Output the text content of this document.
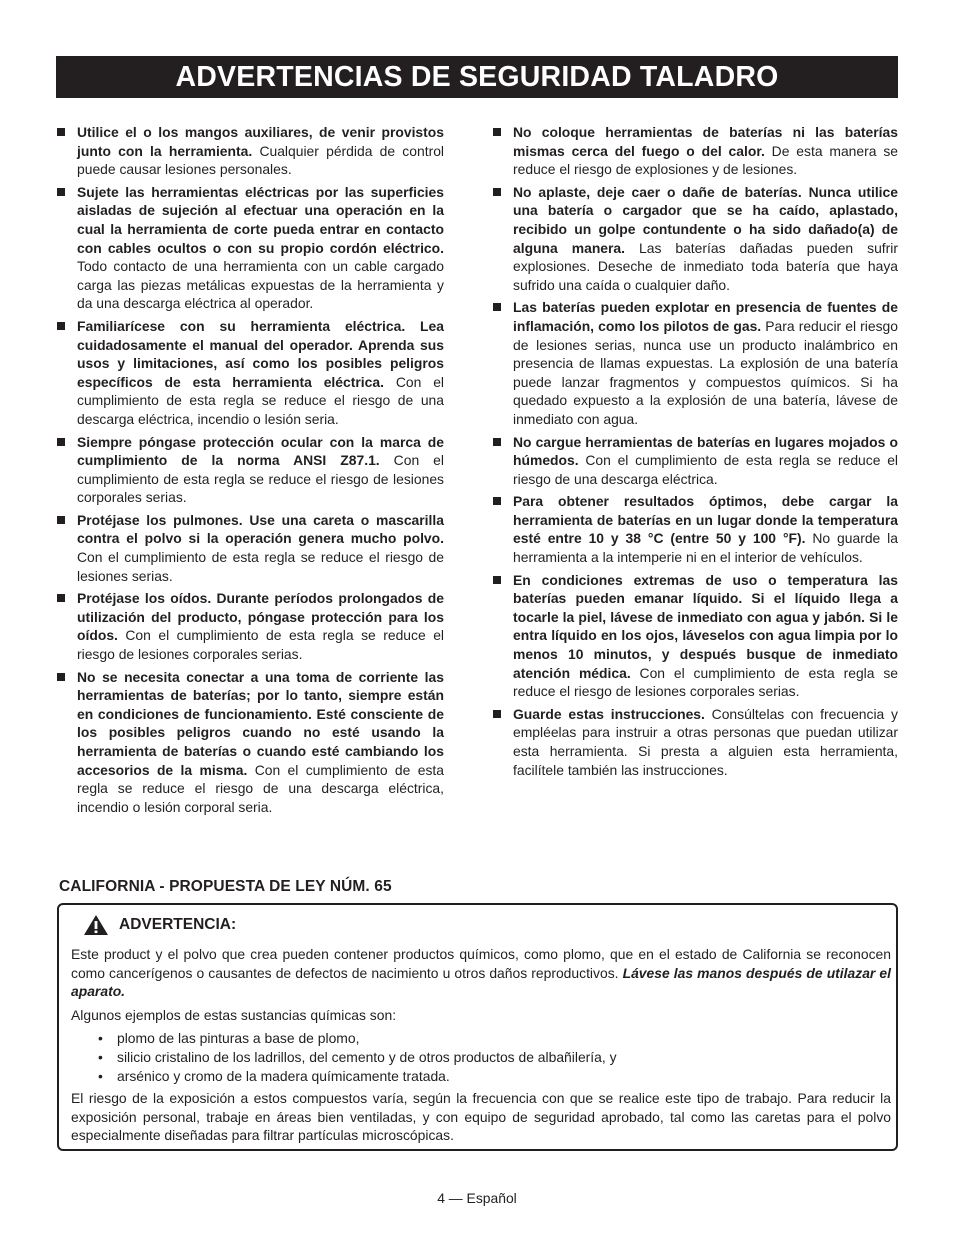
ADVERTENCIAS DE SEGURIDAD TALADRO
Utilice el o los mangos auxiliares, de venir provistos junto con la herramienta. Cualquier pérdida de control puede causar lesiones personales.
Sujete las herramientas eléctricas por las superficies aisladas de sujeción al efectuar una operación en la cual la herramienta de corte pueda entrar en contacto con cables ocultos o con su propio cordón eléctrico. Todo contacto de una herramienta con un cable cargado carga las piezas metálicas expuestas de la herramienta y da una descarga eléctrica al operador.
Familiarícese con su herramienta eléctrica. Lea cuidadosamente el manual del operador. Aprenda sus usos y limitaciones, así como los posibles peligros específicos de esta herramienta eléctrica. Con el cumplimiento de esta regla se reduce el riesgo de una descarga eléctrica, incendio o lesión seria.
Siempre póngase protección ocular con la marca de cumplimiento de la norma ANSI Z87.1. Con el cumplimiento de esta regla se reduce el riesgo de lesiones corporales serias.
Protéjase los pulmones. Use una careta o mascarilla contra el polvo si la operación genera mucho polvo. Con el cumplimiento de esta regla se reduce el riesgo de lesiones serias.
Protéjase los oídos. Durante períodos prolongados de utilización del producto, póngase protección para los oídos. Con el cumplimiento de esta regla se reduce el riesgo de lesiones corporales serias.
No se necesita conectar a una toma de corriente las herramientas de baterías; por lo tanto, siempre están en condiciones de funcionamiento. Esté consciente de los posibles peligros cuando no esté usando la herramienta de baterías o cuando esté cambiando los accesorios de la misma. Con el cumplimiento de esta regla se reduce el riesgo de una descarga eléctrica, incendio o lesión corporal seria.
No coloque herramientas de baterías ni las baterías mismas cerca del fuego o del calor. De esta manera se reduce el riesgo de explosiones y de lesiones.
No aplaste, deje caer o dañe de baterías. Nunca utilice una batería o cargador que se ha caído, aplastado, recibido un golpe contundente o ha sido dañado(a) de alguna manera. Las baterías dañadas pueden sufrir explosiones. Deseche de inmediato toda batería que haya sufrido una caída o cualquier daño.
Las baterías pueden explotar en presencia de fuentes de inflamación, como los pilotos de gas. Para reducir el riesgo de lesiones serias, nunca use un producto inalámbrico en presencia de llamas expuestas. La explosión de una batería puede lanzar fragmentos y compuestos químicos. Si ha quedado expuesto a la explosión de una batería, lávese de inmediato con agua.
No cargue herramientas de baterías en lugares mojados o húmedos. Con el cumplimiento de esta regla se reduce el riesgo de una descarga eléctrica.
Para obtener resultados óptimos, debe cargar la herramienta de baterías en un lugar donde la temperatura esté entre 10 y 38 °C (entre 50 y 100 °F). No guarde la herramienta a la intemperie ni en el interior de vehículos.
En condiciones extremas de uso o temperatura las baterías pueden emanar líquido. Si el líquido llega a tocarle la piel, lávese de inmediato con agua y jabón. Si le entra líquido en los ojos, láveselos con agua limpia por lo menos 10 minutos, y después busque de inmediato atención médica. Con el cumplimiento de esta regla se reduce el riesgo de lesiones corporales serias.
Guarde estas instrucciones. Consúltelas con frecuencia y empléelas para instruir a otras personas que puedan utilizar esta herramienta. Si presta a alguien esta herramienta, facilítele también las instrucciones.
CALIFORNIA - PROPUESTA DE LEY NÚM. 65
ADVERTENCIA:

Este product y el polvo que crea pueden contener productos químicos, como plomo, que en el estado de California se reconocen como cancerígenos o causantes de defectos de nacimiento u otros daños reproductivos. Lávese las manos después de utilazar el aparato.

Algunos ejemplos de estas sustancias químicas son:

• plomo de las pinturas a base de plomo,
• silicio cristalino de los ladrillos, del cemento y de otros productos de albañilería, y
• arsénico y cromo de la madera químicamente tratada.

El riesgo de la exposición a estos compuestos varía, según la frecuencia con que se realice este tipo de trabajo. Para reducir la exposición personal, trabaje en áreas bien ventiladas, y con equipo de seguridad aprobado, tal como las caretas para el polvo especialmente diseñadas para filtrar partículas microscópicas.

4 — Español
